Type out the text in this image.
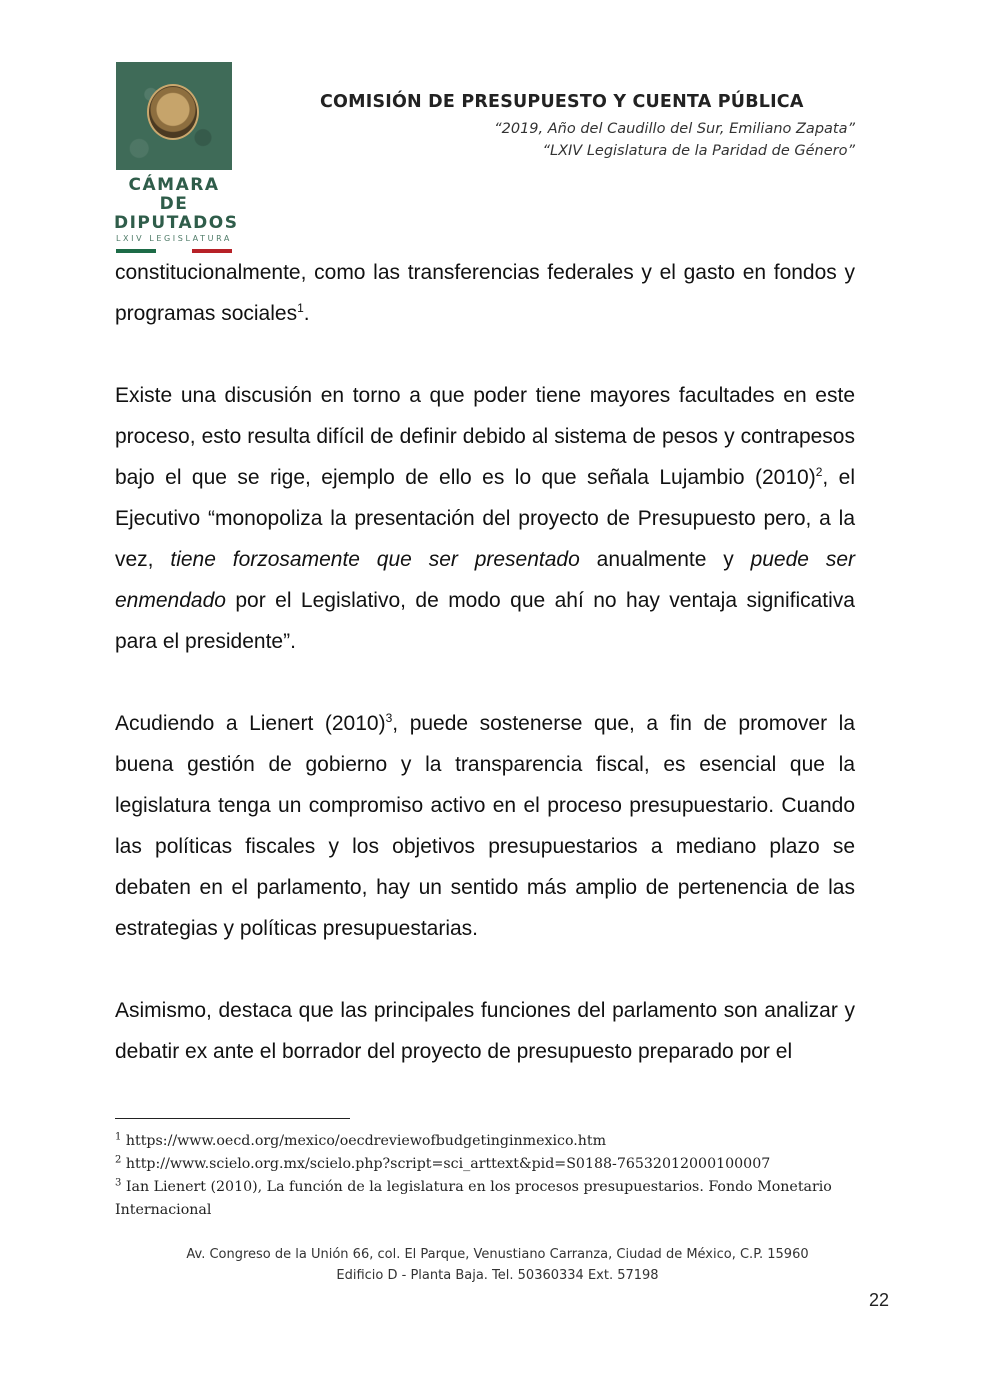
CÁMARA DE
DIPUTADOS
LXIV LEGISLATURA
COMISIÓN DE PRESUPUESTO Y CUENTA PÚBLICA
“2019, Año del Caudillo del Sur, Emiliano Zapata”
“LXIV Legislatura de la Paridad de Género”

constitucionalmente, como las transferencias federales y el gasto en fondos y programas sociales$^1$.

Existe una discusión en torno a que poder tiene mayores facultades en este proceso, esto resulta difícil de definir debido al sistema de pesos y contrapesos bajo el que se rige, ejemplo de ello es lo que señala Lujambio $(2010)^2$, el Ejecutivo “monopoliza la presentación del proyecto de Presupuesto pero, a la vez, tiene forzosamente que ser presentado anualmente y puede ser enmendado por el Legislativo, de modo que ahí no hay ventaja significativa para el presidente”.

Acudiendo a Lienert $(2010)^3$, puede sostenerse que, a fin de promover la buena gestión de gobierno y la transparencia fiscal, es esencial que la legislatura tenga un compromiso activo en el proceso presupuestario. Cuando las políticas fiscales y los objetivos presupuestarios a mediano plazo se debaten en el parlamento, hay un sentido más amplio de pertenencia de las estrategias y políticas presupuestarias.

Asimismo, destaca que las principales funciones del parlamento son analizar y debatir ex ante el borrador del proyecto de presupuesto preparado por el

$^1$ https://www.oecd.org/mexico/oecdreviewofbudgetinginmexico.htm

$^2$ http://www.scielo.org.mx/scielo.php?script=sci_arttext&pid=S0188-76532012000100007

$^3$ Ian Lienert (2010), La función de la legislatura en los procesos presupuestarios. Fondo Monetario Internacional

Av. Congreso de la Unión 66, col. El Parque, Venustiano Carranza, Ciudad de México, C.P. 15960
Edificio D - Planta Baja. Tel. 50360334 Ext. 57198
22
